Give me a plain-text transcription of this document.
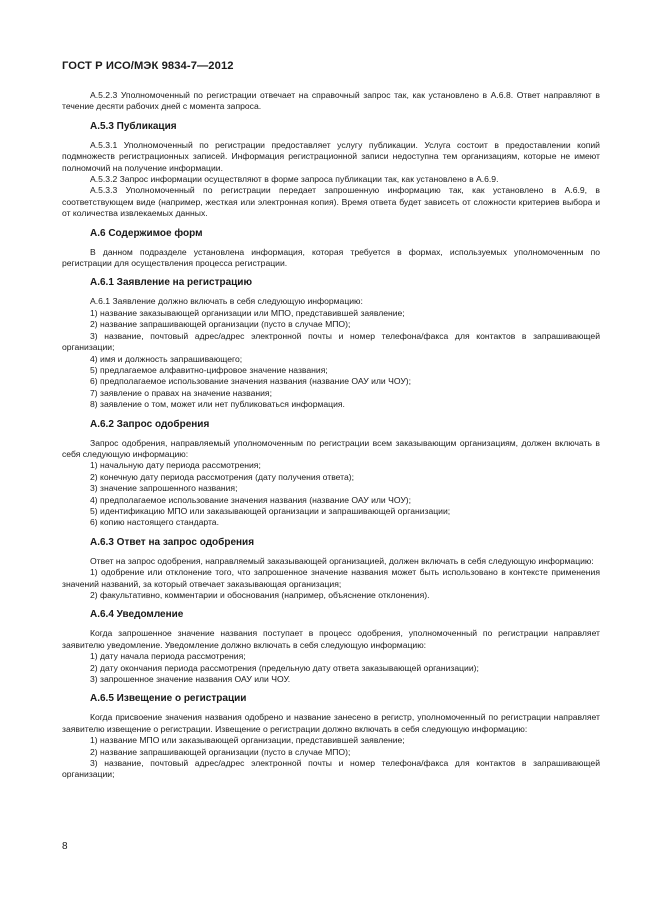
ГОСТ Р ИСО/МЭК 9834-7—2012

A.5.2.3 Уполномоченный по регистрации отвечает на справочный запрос так, как установлено в A.6.8. Ответ направляют в течение десяти рабочих дней с момента запроса.

A.5.3 Публикация

A.5.3.1 Уполномоченный по регистрации предоставляет услугу публикации. Услуга состоит в предоставлении копий подмножеств регистрационных записей. Информация регистрационной записи недоступна тем организациям, которые не имеют полномочий на получение информации.

A.5.3.2 Запрос информации осуществляют в форме запроса публикации так, как установлено в A.6.9.

A.5.3.3 Уполномоченный по регистрации передает запрошенную информацию так, как установлено в A.6.9, в соответствующем виде (например, жесткая или электронная копия). Время ответа будет зависеть от сложности критериев выбора и от количества извлекаемых данных.

A.6 Содержимое форм

В данном подразделе установлена информация, которая требуется в формах, используемых уполномоченным по регистрации для осуществления процесса регистрации.

A.6.1 Заявление на регистрацию

A.6.1 Заявление должно включать в себя следующую информацию:

1) название заказывающей организации или МПО, представившей заявление;

2) название запрашивающей организации (пусто в случае МПО);

3) название, почтовый адрес/адрес электронной почты и номер телефона/факса для контактов в запрашивающей организации;

4) имя и должность запрашивающего;

5) предлагаемое алфавитно-цифровое значение названия;

6) предполагаемое использование значения названия (название ОАУ или ЧОУ);

7) заявление о правах на значение названия;

8) заявление о том, может или нет публиковаться информация.

A.6.2 Запрос одобрения

Запрос одобрения, направляемый уполномоченным по регистрации всем заказывающим организациям, должен включать в себя следующую информацию:

1) начальную дату периода рассмотрения;

2) конечную дату периода рассмотрения (дату получения ответа);

3) значение запрошенного названия;

4) предполагаемое использование значения названия (название ОАУ или ЧОУ);

5) идентификацию МПО или заказывающей организации и запрашивающей организации;

6) копию настоящего стандарта.

A.6.3 Ответ на запрос одобрения

Ответ на запрос одобрения, направляемый заказывающей организацией, должен включать в себя следующую информацию:

1) одобрение или отклонение того, что запрошенное значение названия может быть использовано в контексте применения значений названий, за который отвечает заказывающая организация;

2) факультативно, комментарии и обоснования (например, объяснение отклонения).

A.6.4 Уведомление

Когда запрошенное значение названия поступает в процесс одобрения, уполномоченный по регистрации направляет заявителю уведомление. Уведомление должно включать в себя следующую информацию:

1) дату начала периода рассмотрения;

2) дату окончания периода рассмотрения (предельную дату ответа заказывающей организации);

3) запрошенное значение названия ОАУ или ЧОУ.

A.6.5 Извещение о регистрации

Когда присвоение значения названия одобрено и название занесено в регистр, уполномоченный по регистрации направляет заявителю извещение о регистрации. Извещение о регистрации должно включать в себя следующую информацию:

1) название МПО или заказывающей организации, представившей заявление;

2) название запрашивающей организации (пусто в случае МПО);

3) название, почтовый адрес/адрес электронной почты и номер телефона/факса для контактов в запрашивающей организации;

8
